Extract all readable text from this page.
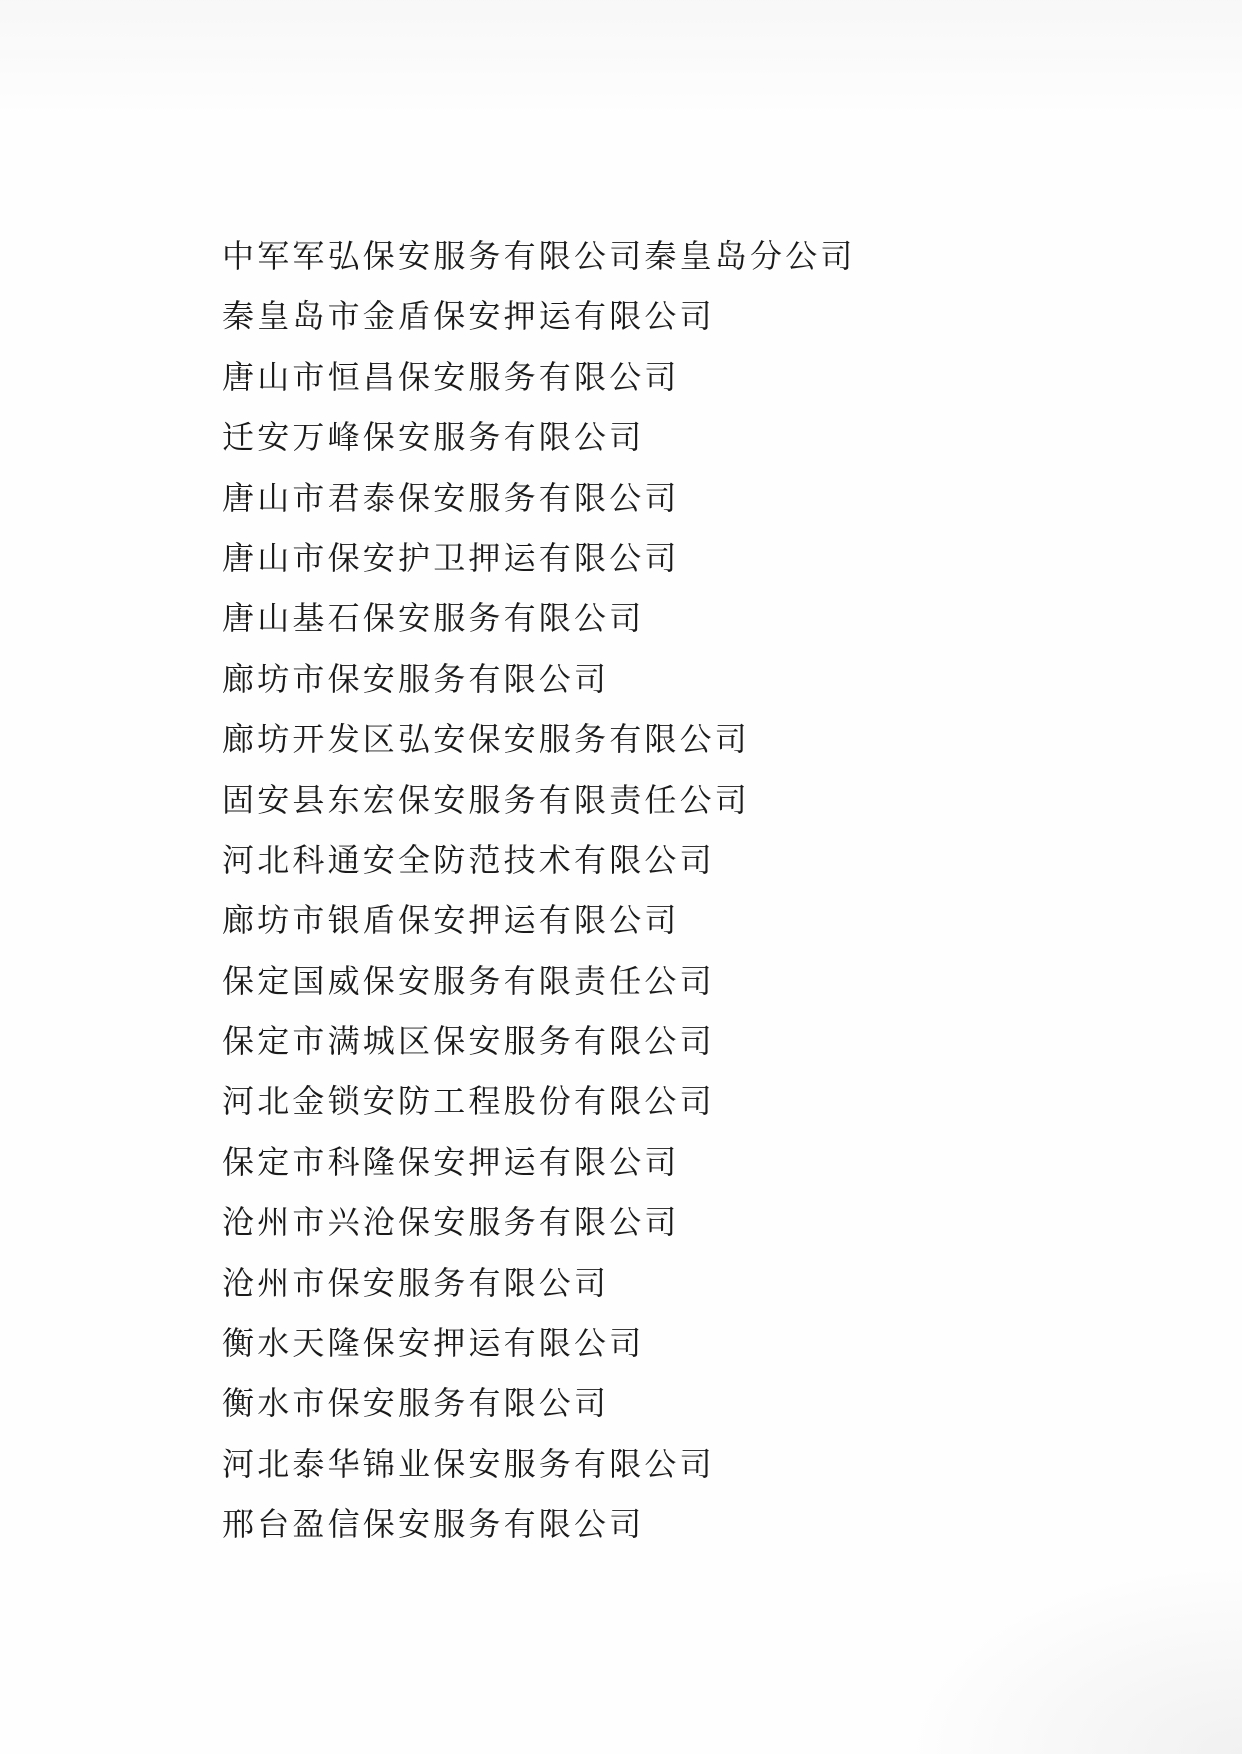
中军军弘保安服务有限公司秦皇岛分公司
秦皇岛市金盾保安押运有限公司
唐山市恒昌保安服务有限公司
迁安万峰保安服务有限公司
唐山市君泰保安服务有限公司
唐山市保安护卫押运有限公司
唐山基石保安服务有限公司
廊坊市保安服务有限公司
廊坊开发区弘安保安服务有限公司
固安县东宏保安服务有限责任公司
河北科通安全防范技术有限公司
廊坊市银盾保安押运有限公司
保定国威保安服务有限责任公司
保定市满城区保安服务有限公司
河北金锁安防工程股份有限公司
保定市科隆保安押运有限公司
沧州市兴沧保安服务有限公司
沧州市保安服务有限公司
衡水天隆保安押运有限公司
衡水市保安服务有限公司
河北泰华锦业保安服务有限公司
邢台盈信保安服务有限公司
